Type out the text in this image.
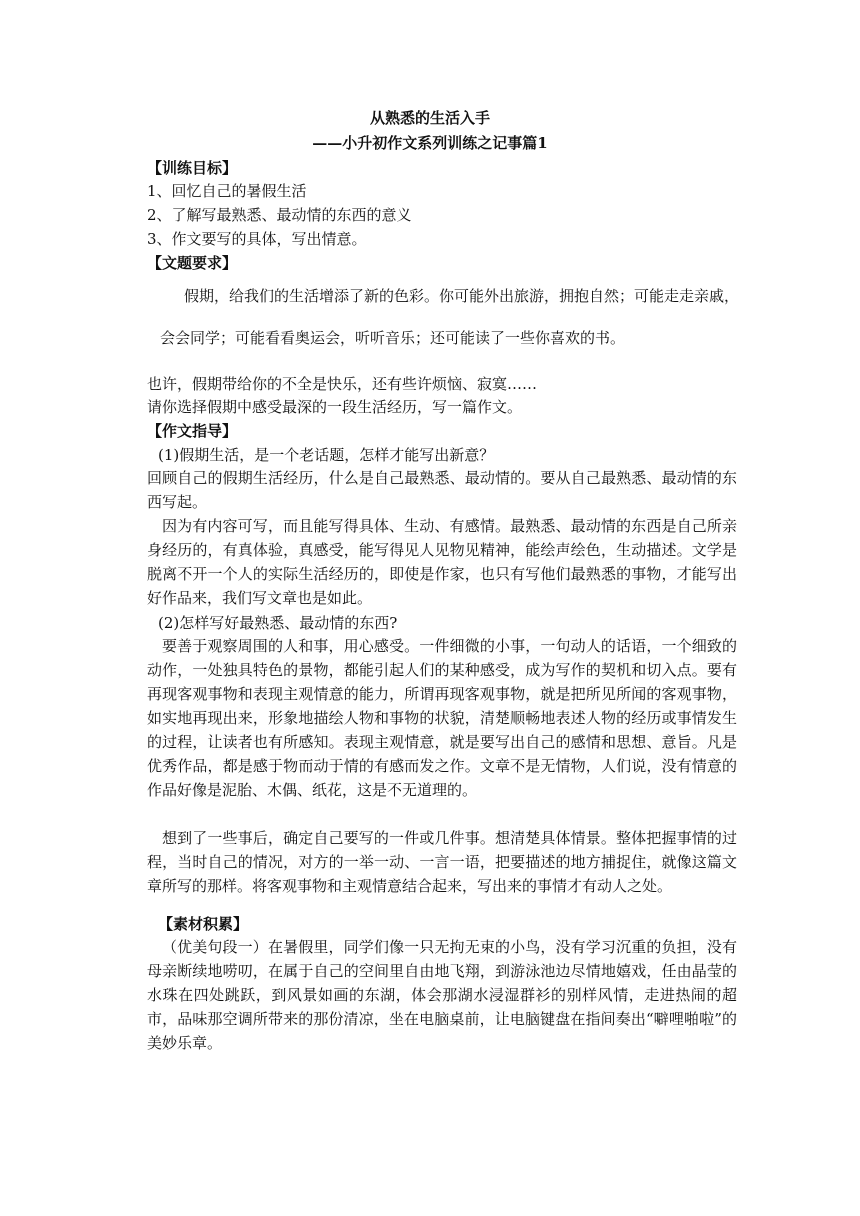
从熟悉的生活入手
——小升初作文系列训练之记事篇1
【训练目标】
1、回忆自己的暑假生活
2、了解写最熟悉、最动情的东西的意义
3、作文要写的具体，写出情意。
【文题要求】
假期，给我们的生活增添了新的色彩。你可能外出旅游，拥抱自然；可能走走亲戚，
会会同学；可能看看奥运会，听听音乐；还可能读了一些你喜欢的书。
也许，假期带给你的不全是快乐，还有些许烦恼、寂寞……
请你选择假期中感受最深的一段生活经历，写一篇作文。
【作文指导】
(1)假期生活，是一个老话题，怎样才能写出新意？
回顾自己的假期生活经历，什么是自己最熟悉、最动情的。要从自己最熟悉、最动情的东西写起。
因为有内容可写，而且能写得具体、生动、有感情。最熟悉、最动情的东西是自己所亲身经历的，有真体验，真感受，能写得见人见物见精神，能绘声绘色，生动描述。文学是脱离不开一个人的实际生活经历的，即使是作家，也只有写他们最熟悉的事物，才能写出好作品来，我们写文章也是如此。
(2)怎样写好最熟悉、最动情的东西?
要善于观察周围的人和事，用心感受。一件细微的小事，一句动人的话语，一个细致的动作，一处独具特色的景物，都能引起人们的某种感受，成为写作的契机和切入点。要有再现客观事物和表现主观情意的能力，所谓再现客观事物，就是把所见所闻的客观事物，如实地再现出来，形象地描绘人物和事物的状貌，清楚顺畅地表述人物的经历或事情发生的过程，让读者也有所感知。表现主观情意，就是要写出自己的感情和思想、意旨。凡是优秀作品，都是感于物而动于情的有感而发之作。文章不是无情物，人们说，没有情意的作品好像是泥胎、木偶、纸花，这是不无道理的。
想到了一些事后，确定自己要写的一件或几件事。想清楚具体情景。整体把握事情的过程，当时自己的情况，对方的一举一动、一言一语，把要描述的地方捕捉住，就像这篇文章所写的那样。将客观事物和主观情意结合起来，写出来的事情才有动人之处。
【素材积累】
（优美句段一）在暑假里，同学们像一只无拘无束的小鸟，没有学习沉重的负担，没有母亲断续地唠叨，在属于自己的空间里自由地飞翔，到游泳池边尽情地嬉戏，任由晶莹的水珠在四处跳跃，到风景如画的东湖，体会那湖水浸湿群衫的别样风情，走进热闹的超市，品味那空调所带来的那份清凉，坐在电脑桌前，让电脑键盘在指间奏出“噼哩啪啦”的美妙乐章。
